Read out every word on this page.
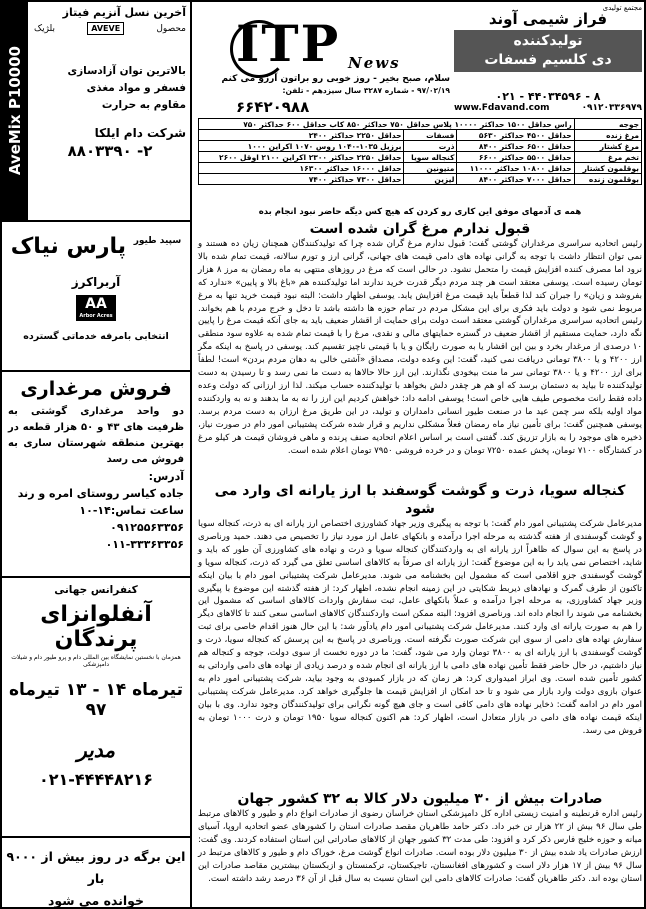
AveMix P10000
آخرین نسل آنزیم فیتاز
محصول
AVEVE
بلژیک
بالاترین توان آزادسازی
فسفر و مواد مغذی
مقاوم به حرارت
شرکت دام ایلکا
۲- ۸۸۰۳۳۹۰
سپید طیور پارس نیاک
آربراکرز
AA
Arbor Acres
انتخابی بامرفه خدماتی گسترده
فروش مرغداری
دو واحد مرغداری گوشتی به ظرفیت های ۴۳ و ۵۰ هزار قطعه در بهترین منطقه شهرستان ساری به فروش می رسد
آدرس:
جاده کیاسر روستای امره و رند
ساعت تماس:۱۴-۱۰
۰۹۱۲۵۵۶۳۳۵۶
۰۱۱-۳۳۳۶۳۳۵۶
کنفرانس جهانی
آنفلوانزای پرندگان
همزمان با نخستین نمایشگاه بین المللی دام و پرو طیور دام و شیلات دامپزشکی
تیرماه ۱۴ - ۱۳ تیرماه ۹۷
مدیر
۰۲۱-۴۴۴۴۸۲۱۶
این برگه در روز بیش از ۹۰۰۰ بار
خوانده می شود
ITP News
مجتمع تولیدی
فراز شیمی آوند
تولیدکننده
دی کلسیم فسفات
سلام، صبح بخیر - روز خوبی رو براتون آرزو می کنم
۹۷/۰۲/۱۹ - شماره ۳۲۸۷ سال سیزدهم - تلفن:
۶۶۴۲۰۹۸۸
۰۲۱ - ۴۴۰۳۴۵۹۶ - ۸
www.Fdavand.com	۰۹۱۲۰۳۳۶۹۷۹
جوجه	راس حداقل ۱۵۰۰ حداکثر ۱۰۰۰۰ پلاس حداقل ۷۵۰ حداکثر ۸۵۰ کاب حداقل ۶۰۰ حداکثر ۷۵۰		
مرغ زنده	حداقل ۴۵۰۰ حداکثر ۵۶۳۰	فسفات	حداقل ۲۲۵۰ حداکثر ۲۴۰۰
مرغ کشتار	حداقل ۶۵۰۰ حداکثر ۸۴۰۰	ذرت	برزیل ۱۰۳۵-۱۰۴۰ روس ۱۰۷۰ اکراین ۱۰۰۰
تخم مرغ	حداقل ۵۵۰۰ حداکثر ۶۶۰۰	کنجاله سویا	حداقل ۲۲۵۰ حداکثر ۲۳۰۰ اکراین ۲۱۰۰ اوقل ۲۶۰۰
بوقلمون کشتار	حداقل ۱۰۸۰۰ حداکثر ۱۱۰۰۰	متیونین	حداقل ۱۶۰۰۰ حداکثر ۱۶۳۰۰
بوقلمون زنده	حداقل ۷۰۰۰ حداکثر ۸۴۰۰	لیزین	حداقل ۷۳۰۰ حداکثر ۷۴۰۰
همه ی آدمهای موفق این کاری رو کردن که هیچ کس دیگه حاضر نبود انجام بده
قبول ندارم مرغ گران شده است

رئیس اتحادیه سراسری مرغداران گوشتی گفت: قبول ندارم مرغ گران شده چرا که تولیدکنندگان همچنان زیان ده هستند و نمی توان انتظار داشت با توجه به گرانی نهاده های دامی قیمت های جهانی، گرانی ارز و تورم سالانه، قیمت تمام شده بالا نرود اما مصرف کننده افزایش قیمت را متحمل نشود. در حالی است که مرغ در روزهای منتهی به ماه رمضان به مرز ۸ هزار تومان رسیده است. یوسفی معتقد است هر چند مردم دیگر قدرت خرید ندارند اما تولیدکننده هم «باغ بالا و پایین» «ندارد که بفروشد و زیان» را جبران کند لذا قطعاً باید قیمت مرغ افزایش یابد. یوسفی اظهار داشت: البته نبود قیمت خرید تنها به مرغ مربوط نمی شود و دولت باید فکری برای این مشکل مردم در تمام حوزه ها داشته باشد تا دخل و خرج مردم با هم بخواند. رئیس اتحادیه سراسری مرغداران گوشتی معتقد است دولت برای حمایت از اقشار ضعیف باید به جای آنکه قیمت مرغ را پایین نگه دارد، حمایت مستقیم از اقشار ضعیف در گستره حمایتهای مالی و نقدی، مرغ را با قیمت تمام شده به علاوه سود منطقی ۱۰ درصدی از مرغدار بخرد و بین این اقشار یا به صورت رایگان و یا با قیمتی ناچیز تقسیم کند. یوسفی در پاسخ به اینکه مگر ارز ۴۲۰۰ و یا ۳۸۰۰ تومانی دریافت نمی کنید، گفت: این وعده دولت، مصداق «آشتی خالی به دهان مردم بردن» است! لطفاً برای ارز ۴۲۰۰ و یا ۳۸۰۰ تومانی سر ما منت بیخودی نگذارند. این ارز حالا حالاها به دست ما نمی رسد و تا رسیدن به دست تولیدکننده تا بیاید به دستمان برسد که او هم هر چقدر دلش بخواهد با تولیدکننده حساب میکند. لذا ارز ارزانی که دولت وعده داده فقط رانت مخصوص طیف هایی خاص است! یوسفی ادامه داد: خواهش کردیم این ارز را نه به ما بدهند و نه به واردکننده مواد اولیه بلکه سر چمن عید ما در صنعت طیور انسانی دامداران و تولید، در این طریق مرغ ارزان به دست مردم برسد. یوسفی همچنین گفت: برای تأمین نیاز ماه رمضان فعلاً مشکلی نداریم و قرار شده شرکت پشتیبانی امور دام در صورت نیاز، ذخیره های موجود را به بازار تزریق کند. گفتنی است بر اساس اعلام اتحادیه صنف پرنده و ماهی فروشان قیمت هر کیلو مرغ در کشتارگاه ۷۱۰۰ تومان، پخش عمده ۷۲۵۰ تومان و در خرده فروشی ۷۹۵۰ تومان اعلام شده است.

کنجاله سویا، ذرت و گوشت گوسفند با ارز یارانه ای وارد می شود

مدیرعامل شرکت پشتیبانی امور دام گفت: با توجه به پیگیری وزیر جهاد کشاورزی اختصاص ارز یارانه ای به ذرت، کنجاله سویا و گوشت گوسفندی از هفته گذشته به مرحله اجرا درآمده و بانکهای عامل ارز مورد نیاز را تخصیص می دهند. حمید ورناصری در پاسخ به این سوال که ظاهراً ارز یارانه ای به واردکنندگان کنجاله سویا و ذرت و نهاده های کشاورزی آن طور که باید و شاید، اختصاص نمی یابد را به این موضوع گفت: ارز یارانه ای صرفاً به کالاهای اساسی تعلق می گیرد که ذرت، کنجاله سویا و گوشت گوسفندی جزو اقلامی است که مشمول این بخشنامه می شوند. مدیرعامل شرکت پشتیبانی امور دام با بیان اینکه تاکنون از طرف گمرک و نهادهای ذیربط شکایتی در این زمینه انجام نشده، اظهار کرد: از هفته گذشته این موضوع با پیگیری وزیر جهاد کشاورزی، به مرحله اجرا درآمده و عملاً بانکهای عامل، ثبت سفارش واردات کالاهای اساسی که مشمول این بخشنامه می شوند را انجام داده اند. ورناصری افزود: البته ممکن است واردکنندگان کالاهای اساسی سعی کنند تا کالاهای دیگر را هم به صورت یارانه ای وارد کنند. مدیرعامل شرکت پشتیبانی امور دام یادآور شد: با این حال هنوز اقدام خاصی برای ثبت سفارش نهاده های دامی از سوی این شرکت صورت نگرفته است. ورناصری در پاسخ به این پرسش که کنجاله سویا، ذرت و گوشت گوسفندی با ارز یارانه ای به ۳۸۰۰ تومان وارد می شود، گفت: ما در دوره نخست از سوی دولت، جوجه و کنجاله هم نیاز داشتیم، در حال حاضر فقط تأمین نهاده های دامی با ارز یارانه ای انجام شده و درصد زیادی از نهاده های دامی وارداتی به کشور تأمین شده است. وی ابراز امیدواری کرد: هر زمان که در بازار کمبودی به وجود بیاید، شرکت پشتیبانی امور دام به عنوان بازوی دولت وارد بازار می شود و تا حد امکان از افزایش قیمت ها جلوگیری خواهد کرد. مدیرعامل شرکت پشتیبانی امور دام در ادامه گفت: ذخایر نهاده های دامی کافی است و جای هیچ گونه نگرانی برای تولیدکنندگان وجود ندارد. وی با بیان اینکه قیمت نهاده های دامی در بازار متعادل است، اظهار کرد: هم اکنون کنجاله سویا ۱۹۵۰ تومان و ذرت ۱۰۰۰ تومان به فروش می رسد.

صادرات بیش از ۳۰ میلیون دلار کالا به ۳۲ کشور جهان

رئیس اداره قرنطینه و امنیت زیستی اداره کل دامپزشکی استان خراسان رضوی از صادرات انواع دام و طیور و کالاهای مرتبط طی سال ۹۶ بیش از ۲۲ هزار تن خبر داد. دکتر حامد طاهریان مقصد صادرات استان را کشورهای عضو اتحادیه اروپا، آسیای میانه و حوزه خلیج فارس ذکر کرد و افزود: طی مدت ۳۲ کشور جهان از کالاهای صادراتی این استان استفاده کردند. وی گفت: ارزش صادرات یاد شده بیش از ۳۰ میلیون دلار بوده است. صادرات انواع گوشت مرغ، خوراک دام و طیور و کالاهای مرتبط در سال ۹۶ بیش از ۱۷ هزار دلار است و کشورهای افغانستان، تاجیکستان، ترکمنستان و ازبکستان بیشترین مقاصد صادرات این استان بوده اند. دکتر طاهریان گفت: صادرات کالاهای دامی این استان نسبت به سال قبل از آن ۳۶ درصد رشد داشته است.
